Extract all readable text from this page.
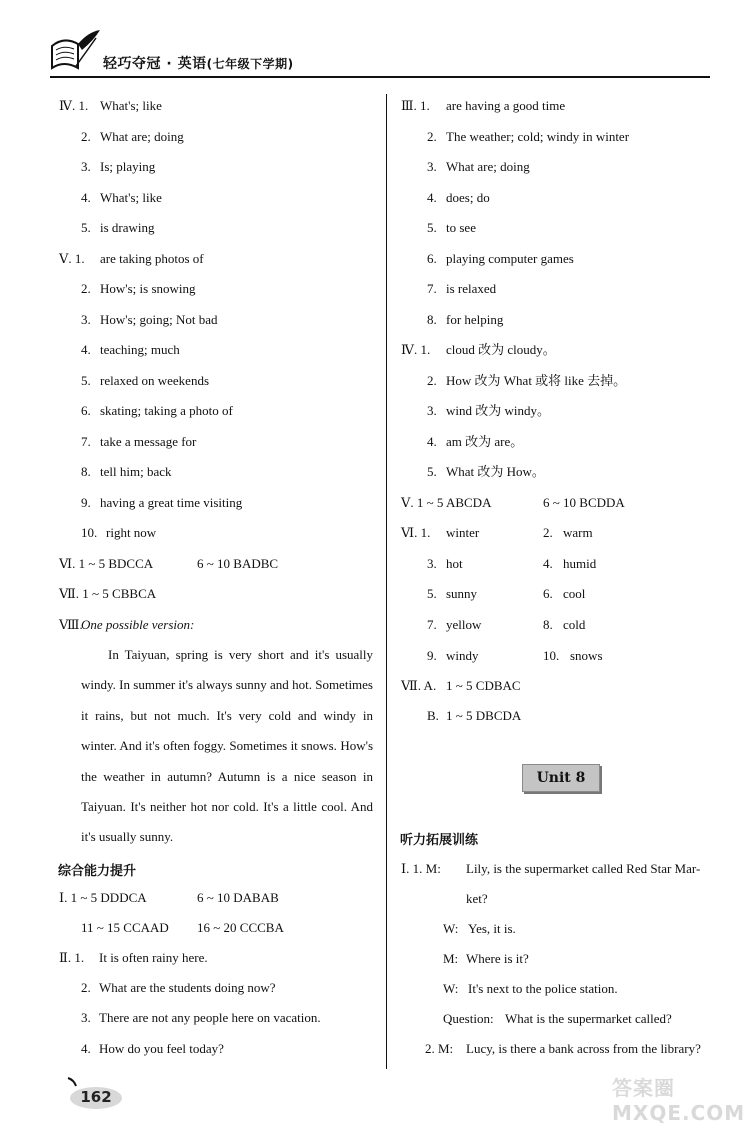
轻巧夺冠 · 英语(七年级下学期)
Ⅳ. 1. What's; like
2. What are; doing
3. Is; playing
4. What's; like
5. is drawing
Ⅴ. 1. are taking photos of
2. How's; is snowing
3. How's; going; Not bad
4. teaching; much
5. relaxed on weekends
6. skating; taking a photo of
7. take a message for
8. tell him; back
9. having a great time visiting
10. right now
Ⅵ. 1 ~ 5 BDCCA	6 ~ 10 BADBC
Ⅶ. 1 ~ 5 CBBCA
Ⅷ.
One possible version:
In Taiyuan, spring is very short and it's usually windy. In summer it's always sunny and hot. Sometimes it rains, but not much. It's very cold and windy in winter. And it's often foggy. Sometimes it snows. How's the weather in autumn? Autumn is a nice season in Taiyuan. It's neither hot nor cold. It's a little cool. And it's usually sunny.
综合能力提升
Ⅰ. 1 ~ 5 DDDCA	6 ~ 10 DABAB
11 ~ 15 CCAAD 16 ~ 20 CCCBA
Ⅱ. 1. It is often rainy here.
2. What are the students doing now?
3. There are not any people here on vacation.
4. How do you feel today?
Ⅲ. 1. are having a good time
2. The weather; cold; windy in winter
3. What are; doing
4. does; do
5. to see
6. playing computer games
7. is relaxed
8. for helping
Ⅳ. 1. cloud 改为 cloudy。
2. How 改为 What 或将 like 去掉。
3. wind 改为 windy。
4. am 改为 are。
5. What 改为 How。
Ⅴ. 1 ~ 5 ABCDA	6 ~ 10 BCDDA
Ⅵ. 1. winter	2. warm
3. hot	4. humid
5. sunny	6. cool
7. yellow	8. cold
9. windy	10. snows
Ⅶ. A. 1 ~ 5 CDBAC
B. 1 ~ 5 DBCDA
Unit 8
听力拓展训练
Ⅰ. 1. M: Lily, is the supermarket called Red Star Mar-
ket?
W: Yes, it is.
M: Where is it?
W: It's next to the police station.
Question: What is the supermarket called?
2. M: Lucy, is there a bank across from the library?
162	答案圈 MXQE.COM
